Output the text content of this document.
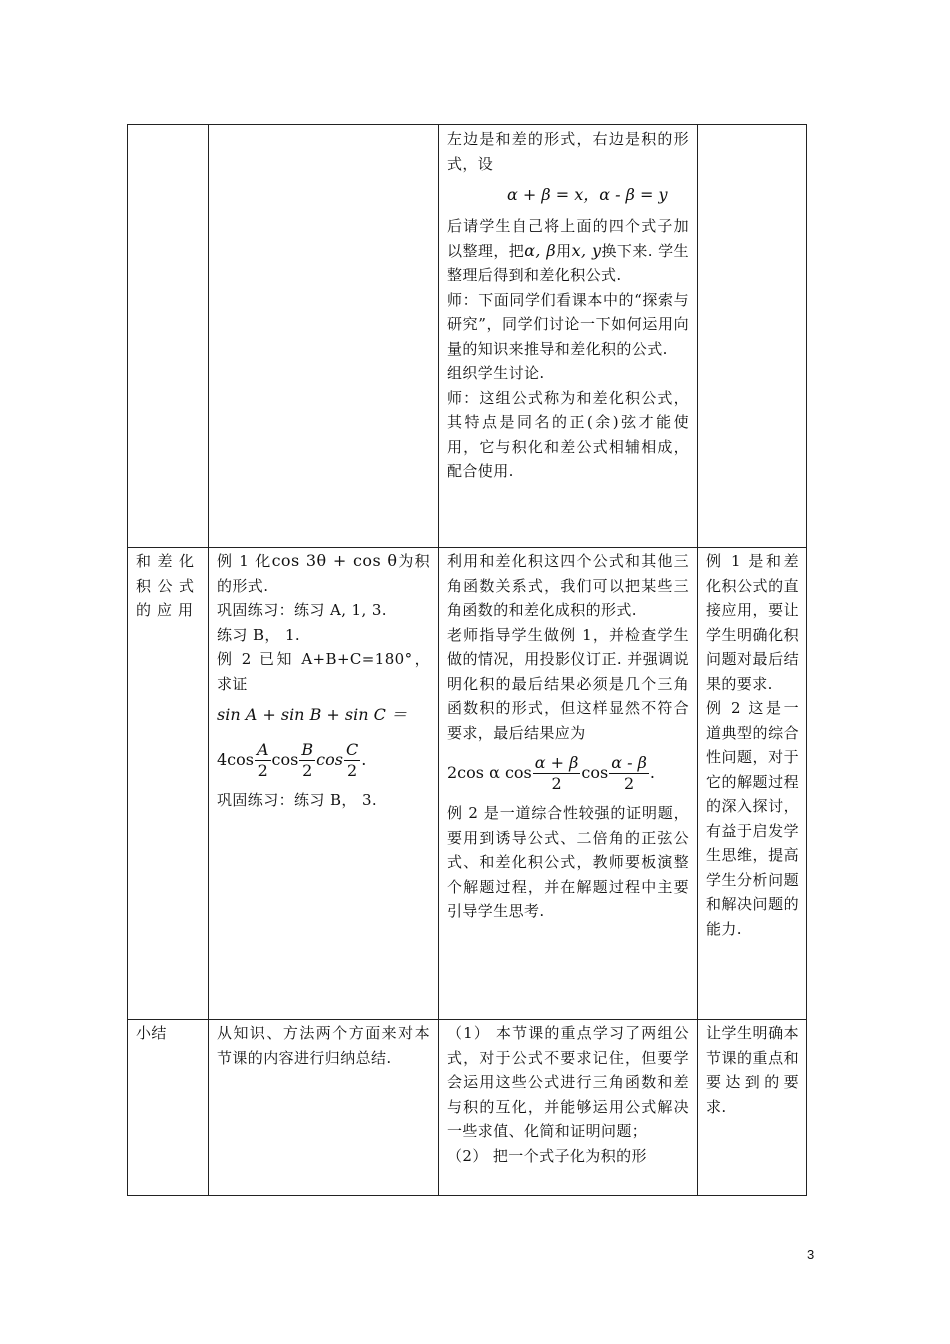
左边是和差的形式，右边是积的形式，设

α + β = x，α - β = y

后请学生自己将上面的四个式子加以整理，把α, β用x, y换下来. 学生整理后得到和差化积公式.

师：下面同学们看课本中的“探索与研究”，同学们讨论一下如何运用向量的知识来推导和差化积的公式.

组织学生讨论.

师：这组公式称为和差化积公式，其特点是同名的正(余)弦才能使用，它与积化和差公式相辅相成，配合使用.

和差化积公式的应用

例 1 化cos 3θ + cos θ为积的形式.

巩固练习：练习 A, 1, 3.

练习 B， 1.

例 2 已知 A+B+C=180°，求证

sin A + sin B + sin C ＝
$4\cos \frac{A}{2}$ $\cos \frac{B}{2}$ $\cos \frac{C}{2}$ .

巩固练习：练习 B， 3.

利用和差化积这四个公式和其他三角函数关系式，我们可以把某些三角函数的和差化成积的形式.

老师指导学生做例 1，并检查学生做的情况，用投影仪订正. 并强调说明化积的最后结果必须是几个三角函数积的形式，但这样显然不符合要求，最后结果应为

2cos α $\cos \frac{\alpha + \beta}{2}$ $\cos \frac{\alpha - \beta}{2}$ .

例 2 是一道综合性较强的证明题，要用到诱导公式、二倍角的正弦公式、和差化积公式，教师要板演整个解题过程，并在解题过程中主要引导学生思考.

例 1 是和差化积公式的直接应用，要让学生明确化积问题对最后结果的要求.

例 2 这是一道典型的综合性问题，对于它的解题过程的深入探讨，有益于启发学生思维，提高学生分析问题和解决问题的能力.

小结	从知识、方法两个方面来对本节课的内容进行归纳总结.

（1） 本节课的重点学习了两组公式，对于公式不要求记住，但要学会运用这些公式进行三角函数和差与积的互化，并能够运用公式解决一些求值、化简和证明问题；

（2） 把一个式子化为积的形

让学生明确本节课的重点和要达到的要求.

3
